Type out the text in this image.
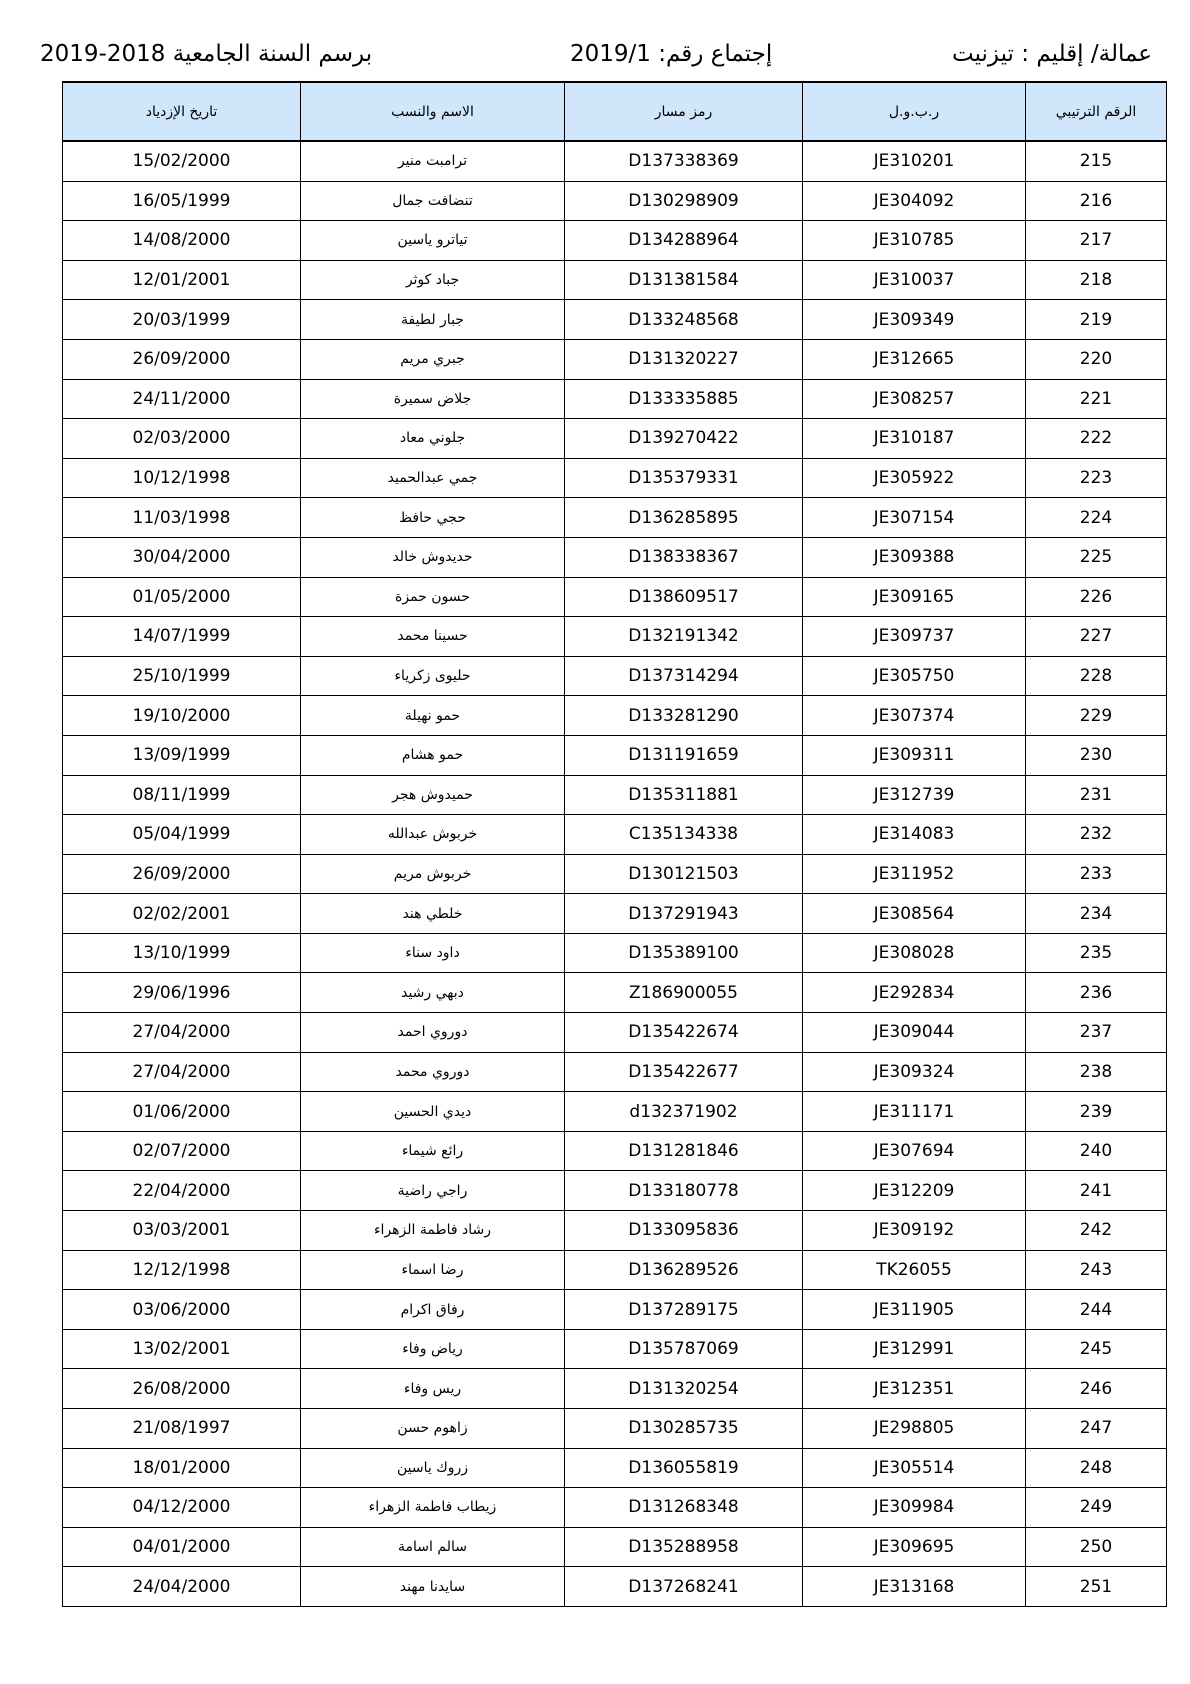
عمالة/ إقليم : تيزنيت
إجتماع رقم: 2019/1
برسم السنة الجامعية 2019-2018
الرقم الترتيبي	ر.ب.و.ل	رمز مسار	الاسم والنسب	تاريخ الإزدياد
215	JE310201	D137338369	ترامبت منير	15/02/2000
216	JE304092	D130298909	تنضافت جمال	16/05/1999
217	JE310785	D134288964	تياترو ياسين	14/08/2000
218	JE310037	D131381584	جباد كوثر	12/01/2001
219	JE309349	D133248568	جبار لطيفة	20/03/1999
220	JE312665	D131320227	جبري مريم	26/09/2000
221	JE308257	D133335885	جلاض سميرة	24/11/2000
222	JE310187	D139270422	جلوني معاد	02/03/2000
223	JE305922	D135379331	جمي عبدالحميد	10/12/1998
224	JE307154	D136285895	حجي حافظ	11/03/1998
225	JE309388	D138338367	حديدوش خالد	30/04/2000
226	JE309165	D138609517	حسون حمزة	01/05/2000
227	JE309737	D132191342	حسينا محمد	14/07/1999
228	JE305750	D137314294	حليوى زكرياء	25/10/1999
229	JE307374	D133281290	حمو نهيلة	19/10/2000
230	JE309311	D131191659	حمو هشام	13/09/1999
231	JE312739	D135311881	حميدوش هجر	08/11/1999
232	JE314083	C135134338	خربوش عبدالله	05/04/1999
233	JE311952	D130121503	خربوش مريم	26/09/2000
234	JE308564	D137291943	خلطي هند	02/02/2001
235	JE308028	D135389100	داود سناء	13/10/1999
236	JE292834	Z186900055	دبهي رشيد	29/06/1996
237	JE309044	D135422674	دوروي احمد	27/04/2000
238	JE309324	D135422677	دوروي محمد	27/04/2000
239	JE311171	d132371902	ديدي الحسين	01/06/2000
240	JE307694	D131281846	رائع شيماء	02/07/2000
241	JE312209	D133180778	راجي راضية	22/04/2000
242	JE309192	D133095836	رشاد فاطمة الزهراء	03/03/2001
243	TK26055	D136289526	رضا اسماء	12/12/1998
244	JE311905	D137289175	رفاق اكرام	03/06/2000
245	JE312991	D135787069	رياض وفاء	13/02/2001
246	JE312351	D131320254	ريس وفاء	26/08/2000
247	JE298805	D130285735	زاهوم حسن	21/08/1997
248	JE305514	D136055819	زروك ياسين	18/01/2000
249	JE309984	D131268348	زيطاب فاطمة الزهراء	04/12/2000
250	JE309695	D135288958	سالم اسامة	04/01/2000
251	JE313168	D137268241	سايدنا مهند	24/04/2000
